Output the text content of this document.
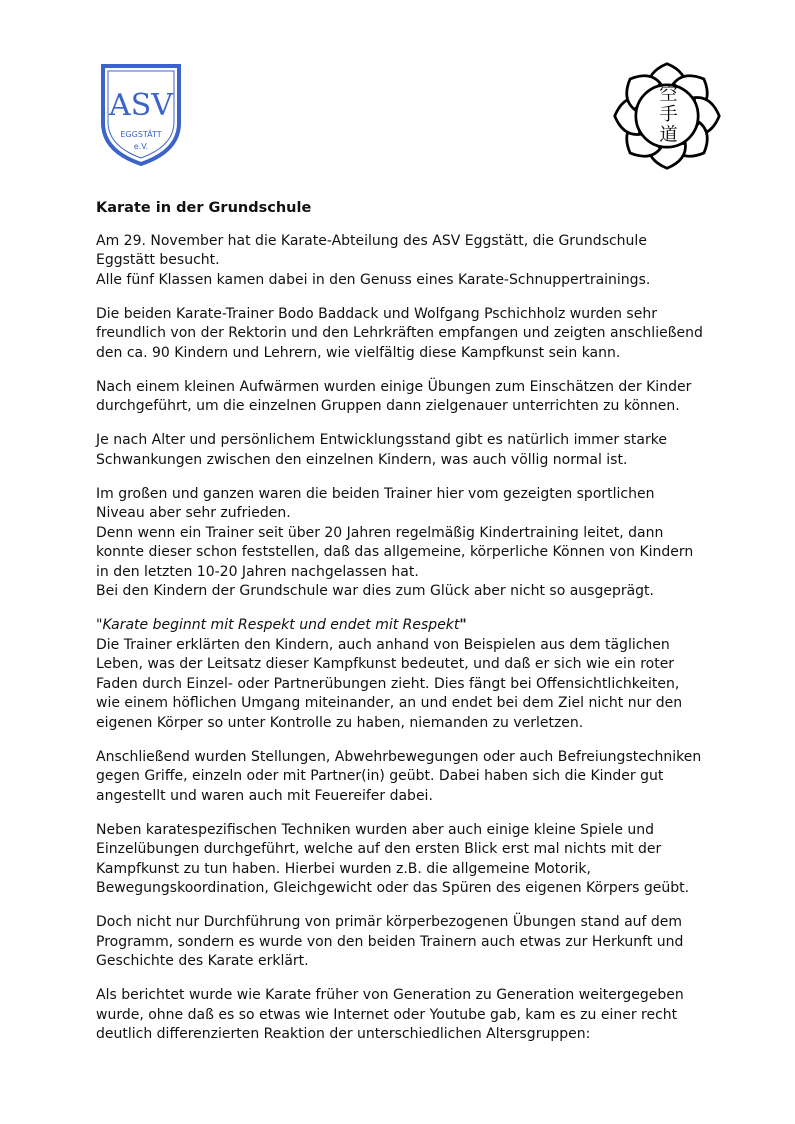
ASV
EGGSTÄTT
e.V.
空手道
Karate in der Grundschule
Am 29. November hat die Karate-Abteilung des ASV Eggstätt, die Grundschule
Eggstätt besucht.
Alle fünf Klassen kamen dabei in den Genuss eines Karate-Schnuppertrainings.
Die beiden Karate-Trainer Bodo Baddack und Wolfgang Pschichholz wurden sehr
freundlich von der Rektorin und den Lehrkräften empfangen und zeigten anschließend
den ca. 90 Kindern und Lehrern, wie vielfältig diese Kampfkunst sein kann.
Nach einem kleinen Aufwärmen wurden einige Übungen zum Einschätzen der Kinder
durchgeführt, um die einzelnen Gruppen dann zielgenauer unterrichten zu können.
Je nach Alter und persönlichem Entwicklungsstand gibt es natürlich immer starke
Schwankungen zwischen den einzelnen Kindern, was auch völlig normal ist.
Im großen und ganzen waren die beiden Trainer hier vom gezeigten sportlichen
Niveau aber sehr zufrieden.
Denn wenn ein Trainer seit über 20 Jahren regelmäßig Kindertraining leitet, dann
konnte dieser schon feststellen, daß das allgemeine, körperliche Können von Kindern
in den letzten 10-20 Jahren nachgelassen hat.
Bei den Kindern der Grundschule war dies zum Glück aber nicht so ausgeprägt.
"Karate beginnt mit Respekt und endet mit Respekt"
Die Trainer erklärten den Kindern, auch anhand von Beispielen aus dem täglichen
Leben, was der Leitsatz dieser Kampfkunst bedeutet, und daß er sich wie ein roter
Faden durch Einzel- oder Partnerübungen zieht. Dies fängt bei Offensichtlichkeiten,
wie einem höflichen Umgang miteinander, an und endet bei dem Ziel nicht nur den
eigenen Körper so unter Kontrolle zu haben, niemanden zu verletzen.
Anschließend wurden Stellungen, Abwehrbewegungen oder auch Befreiungstechniken
gegen Griffe, einzeln oder mit Partner(in) geübt. Dabei haben sich die Kinder gut
angestellt und waren auch mit Feuereifer dabei.
Neben karatespezifischen Techniken wurden aber auch einige kleine Spiele und
Einzelübungen durchgeführt, welche auf den ersten Blick erst mal nichts mit der
Kampfkunst zu tun haben. Hierbei wurden z.B. die allgemeine Motorik,
Bewegungskoordination, Gleichgewicht oder das Spüren des eigenen Körpers geübt.
Doch nicht nur Durchführung von primär körperbezogenen Übungen stand auf dem
Programm, sondern es wurde von den beiden Trainern auch etwas zur Herkunft und
Geschichte des Karate erklärt.
Als berichtet wurde wie Karate früher von Generation zu Generation weitergegeben
wurde, ohne daß es so etwas wie Internet oder Youtube gab, kam es zu einer recht
deutlich differenzierten Reaktion der unterschiedlichen Altersgruppen:
